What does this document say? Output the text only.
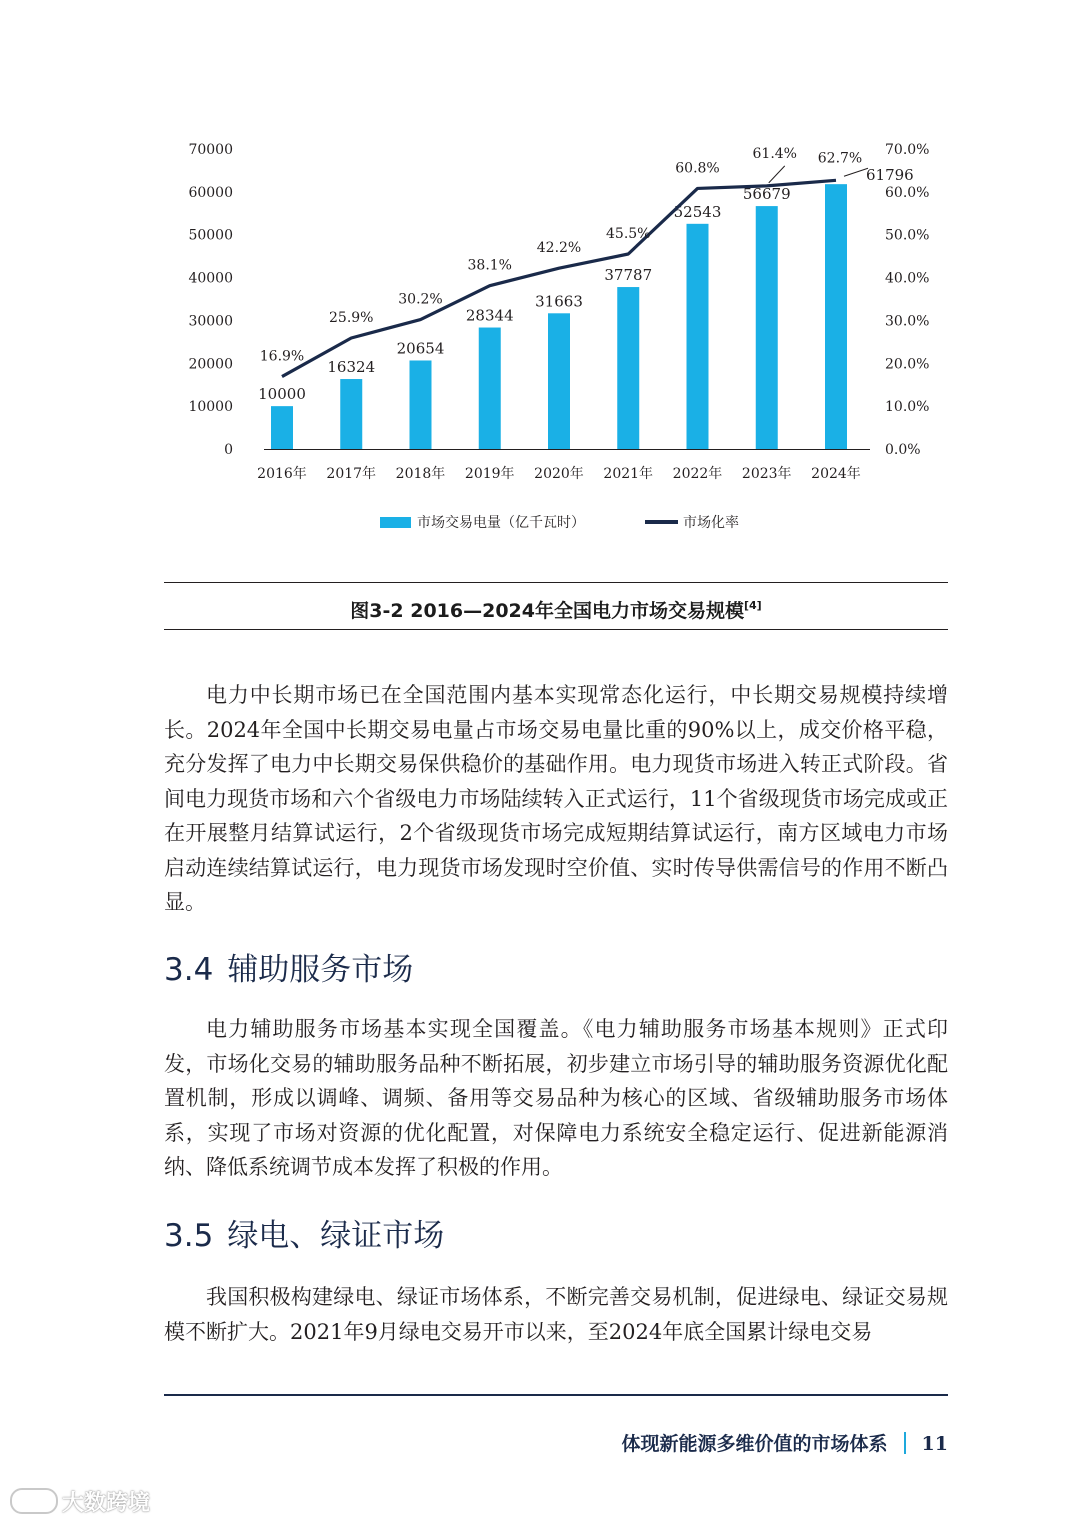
0
10000
20000
30000
40000
50000
60000
70000
0.0%
10.0%
20.0%
30.0%
40.0%
50.0%
60.0%
70.0%
10000
16324
20654
28344
31663
37787
52543
56679
61796
16.9%
25.9%
30.2%
38.1%
42.2%
45.5%
60.8%
61.4% 62.7%
2016年 2017年 2018年 2019年 2020年 2021年 2022年 2023年 2024年
市场交易电量（亿千瓦时）	市场化率
图3-2 2016—2024年全国电力市场交易规模[4]
电力中长期市场已在全国范围内基本实现常态化运行，中长期交易规模持续增长。2024年全国中长期交易电量占市场交易电量比重的90%以上，成交价格平稳，充分发挥了电力中长期交易保供稳价的基础作用。电力现货市场进入转正式阶段。省间电力现货市场和六个省级电力市场陆续转入正式运行，11个省级现货市场完成或正在开展整月结算试运行，2个省级现货市场完成短期结算试运行，南方区域电力市场启动连续结算试运行，电力现货市场发现时空价值、实时传导供需信号的作用不断凸显。
3.4 辅助服务市场
电力辅助服务市场基本实现全国覆盖。《电力辅助服务市场基本规则》正式印发，市场化交易的辅助服务品种不断拓展，初步建立市场引导的辅助服务资源优化配置机制，形成以调峰、调频、备用等交易品种为核心的区域、省级辅助服务市场体系，实现了市场对资源的优化配置，对保障电力系统安全稳定运行、促进新能源消纳、降低系统调节成本发挥了积极的作用。
3.5 绿电、绿证市场
我国积极构建绿电、绿证市场体系，不断完善交易机制，促进绿电、绿证交易规模不断扩大。2021年9月绿电交易开市以来，至2024年底全国累计绿电交易
体现新能源多维价值的市场体系 11
大数跨境
